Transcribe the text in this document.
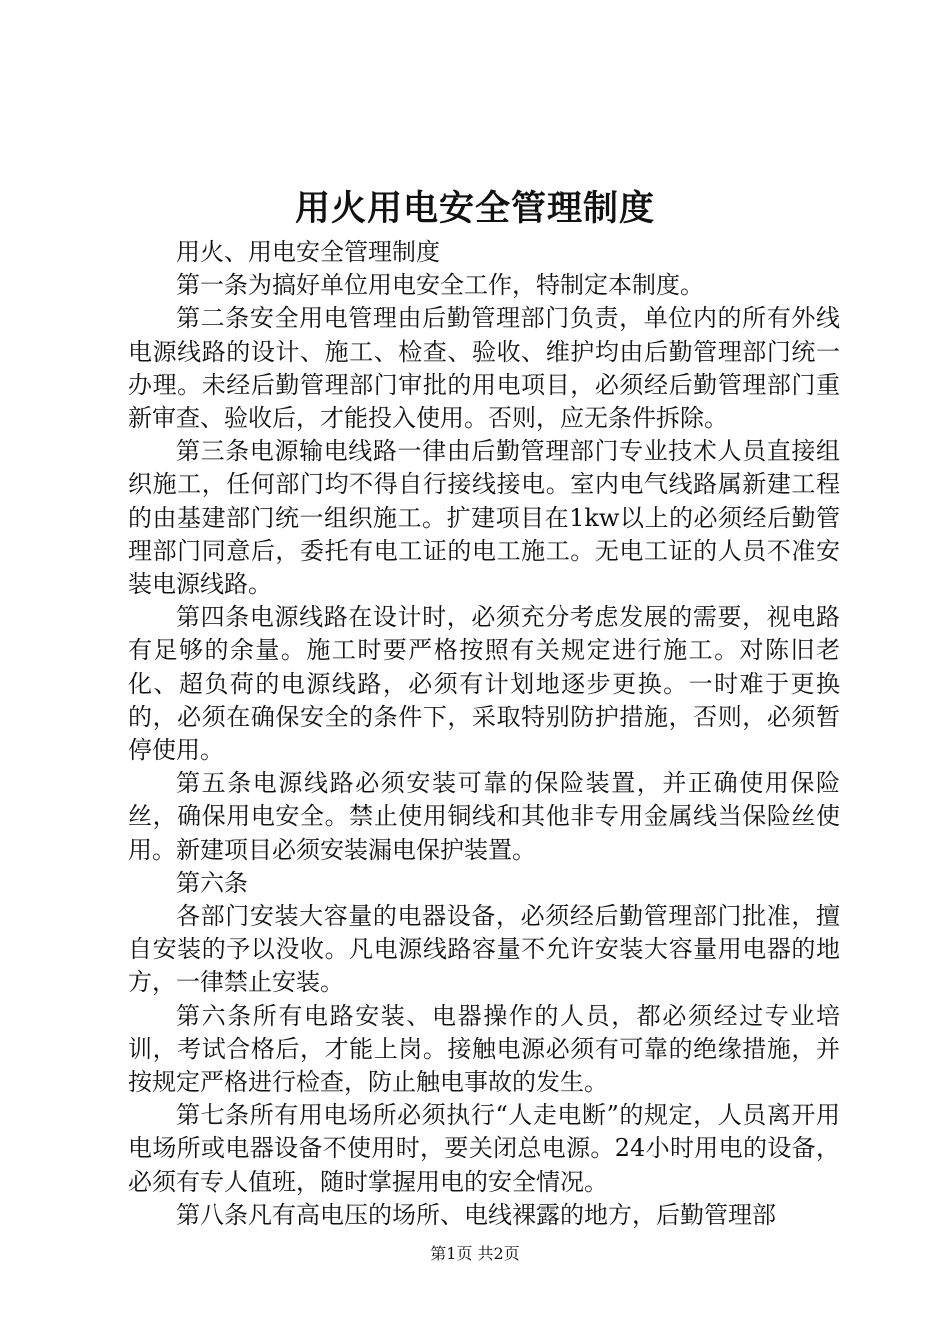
用火用电安全管理制度

用火、用电安全管理制度

第一条为搞好单位用电安全工作，特制定本制度。

第二条安全用电管理由后勤管理部门负责，单位内的所有外线电源线路的设计、施工、检查、验收、维护均由后勤管理部门统一办理。未经后勤管理部门审批的用电项目，必须经后勤管理部门重新审查、验收后，才能投入使用。否则，应无条件拆除。

第三条电源输电线路一律由后勤管理部门专业技术人员直接组织施工，任何部门均不得自行接线接电。室内电气线路属新建工程的由基建部门统一组织施工。扩建项目在1kw以上的必须经后勤管理部门同意后，委托有电工证的电工施工。无电工证的人员不准安装电源线路。

第四条电源线路在设计时，必须充分考虑发展的需要，视电路有足够的余量。施工时要严格按照有关规定进行施工。对陈旧老化、超负荷的电源线路，必须有计划地逐步更换。一时难于更换的，必须在确保安全的条件下，采取特别防护措施，否则，必须暂停使用。

第五条电源线路必须安装可靠的保险装置，并正确使用保险丝，确保用电安全。禁止使用铜线和其他非专用金属线当保险丝使用。新建项目必须安装漏电保护装置。

第六条

各部门安装大容量的电器设备，必须经后勤管理部门批准，擅自安装的予以没收。凡电源线路容量不允许安装大容量用电器的地方，一律禁止安装。

第六条所有电路安装、电器操作的人员，都必须经过专业培训，考试合格后，才能上岗。接触电源必须有可靠的绝缘措施，并按规定严格进行检查，防止触电事故的发生。

第七条所有用电场所必须执行“人走电断”的规定，人员离开用电场所或电器设备不使用时，要关闭总电源。24小时用电的设备，必须有专人值班，随时掌握用电的安全情况。

第八条凡有高电压的场所、电线裸露的地方，后勤管理部

第1页 共2页
